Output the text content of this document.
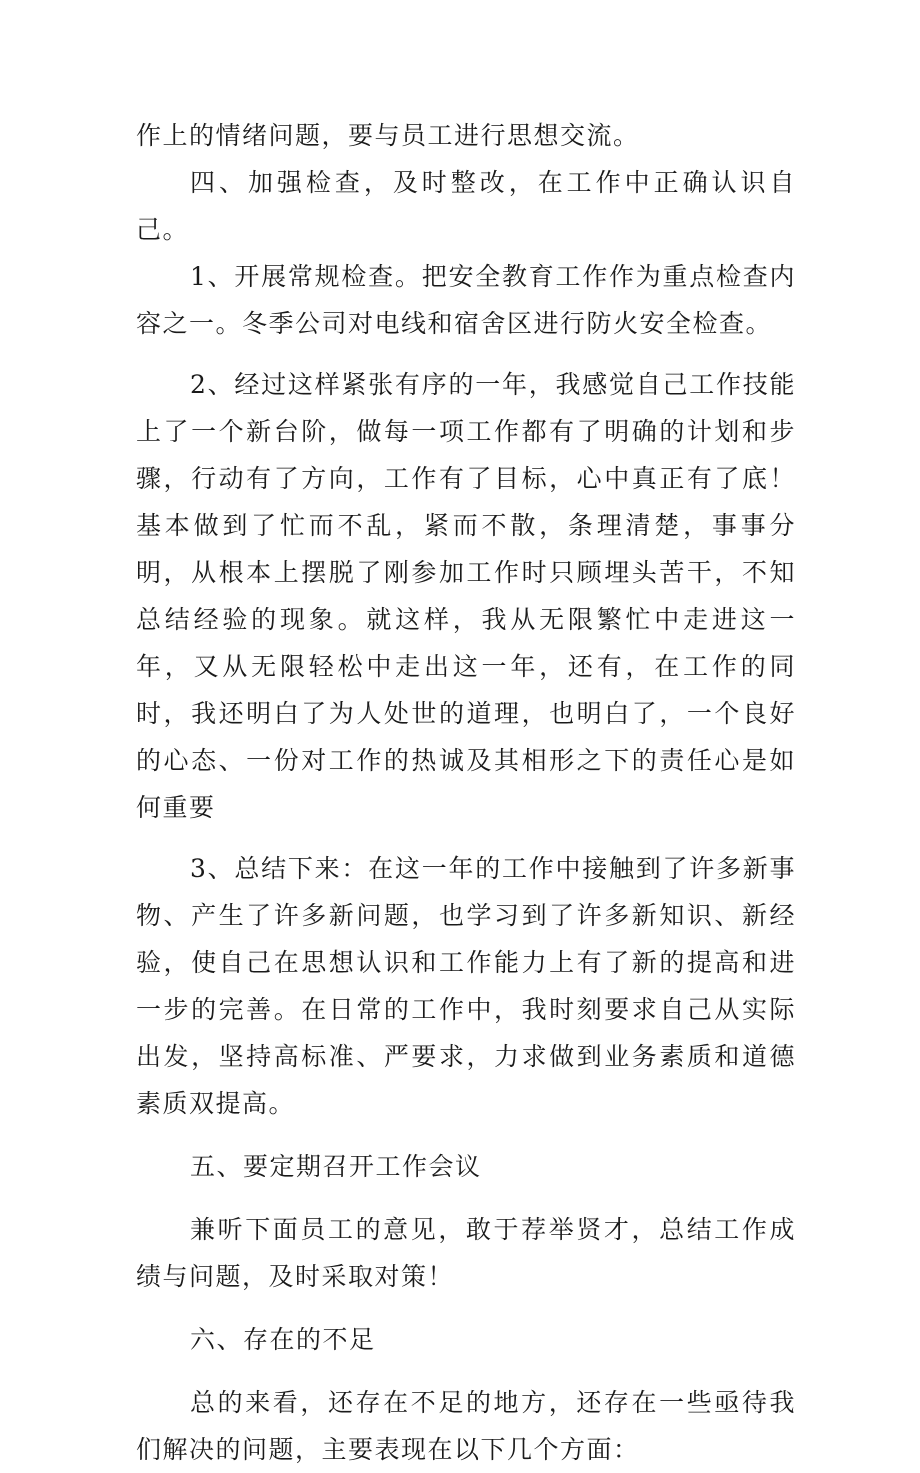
作上的情绪问题，要与员工进行思想交流。

四、加强检查，及时整改，在工作中正确认识自己。

1、开展常规检查。把安全教育工作作为重点检查内容之一。冬季公司对电线和宿舍区进行防火安全检查。

2、经过这样紧张有序的一年，我感觉自己工作技能上了一个新台阶，做每一项工作都有了明确的计划和步骤，行动有了方向，工作有了目标，心中真正有了底！基本做到了忙而不乱，紧而不散，条理清楚，事事分明，从根本上摆脱了刚参加工作时只顾埋头苦干，不知总结经验的现象。就这样，我从无限繁忙中走进这一年，又从无限轻松中走出这一年，还有，在工作的同时，我还明白了为人处世的道理，也明白了，一个良好的心态、一份对工作的热诚及其相形之下的责任心是如何重要

3、总结下来：在这一年的工作中接触到了许多新事物、产生了许多新问题，也学习到了许多新知识、新经验，使自己在思想认识和工作能力上有了新的提高和进一步的完善。在日常的工作中，我时刻要求自己从实际出发，坚持高标准、严要求，力求做到业务素质和道德素质双提高。

五、要定期召开工作会议

兼听下面员工的意见，敢于荐举贤才，总结工作成绩与问题，及时采取对策！

六、存在的不足

总的来看，还存在不足的地方，还存在一些亟待我们解决的问题，主要表现在以下几个方面：
